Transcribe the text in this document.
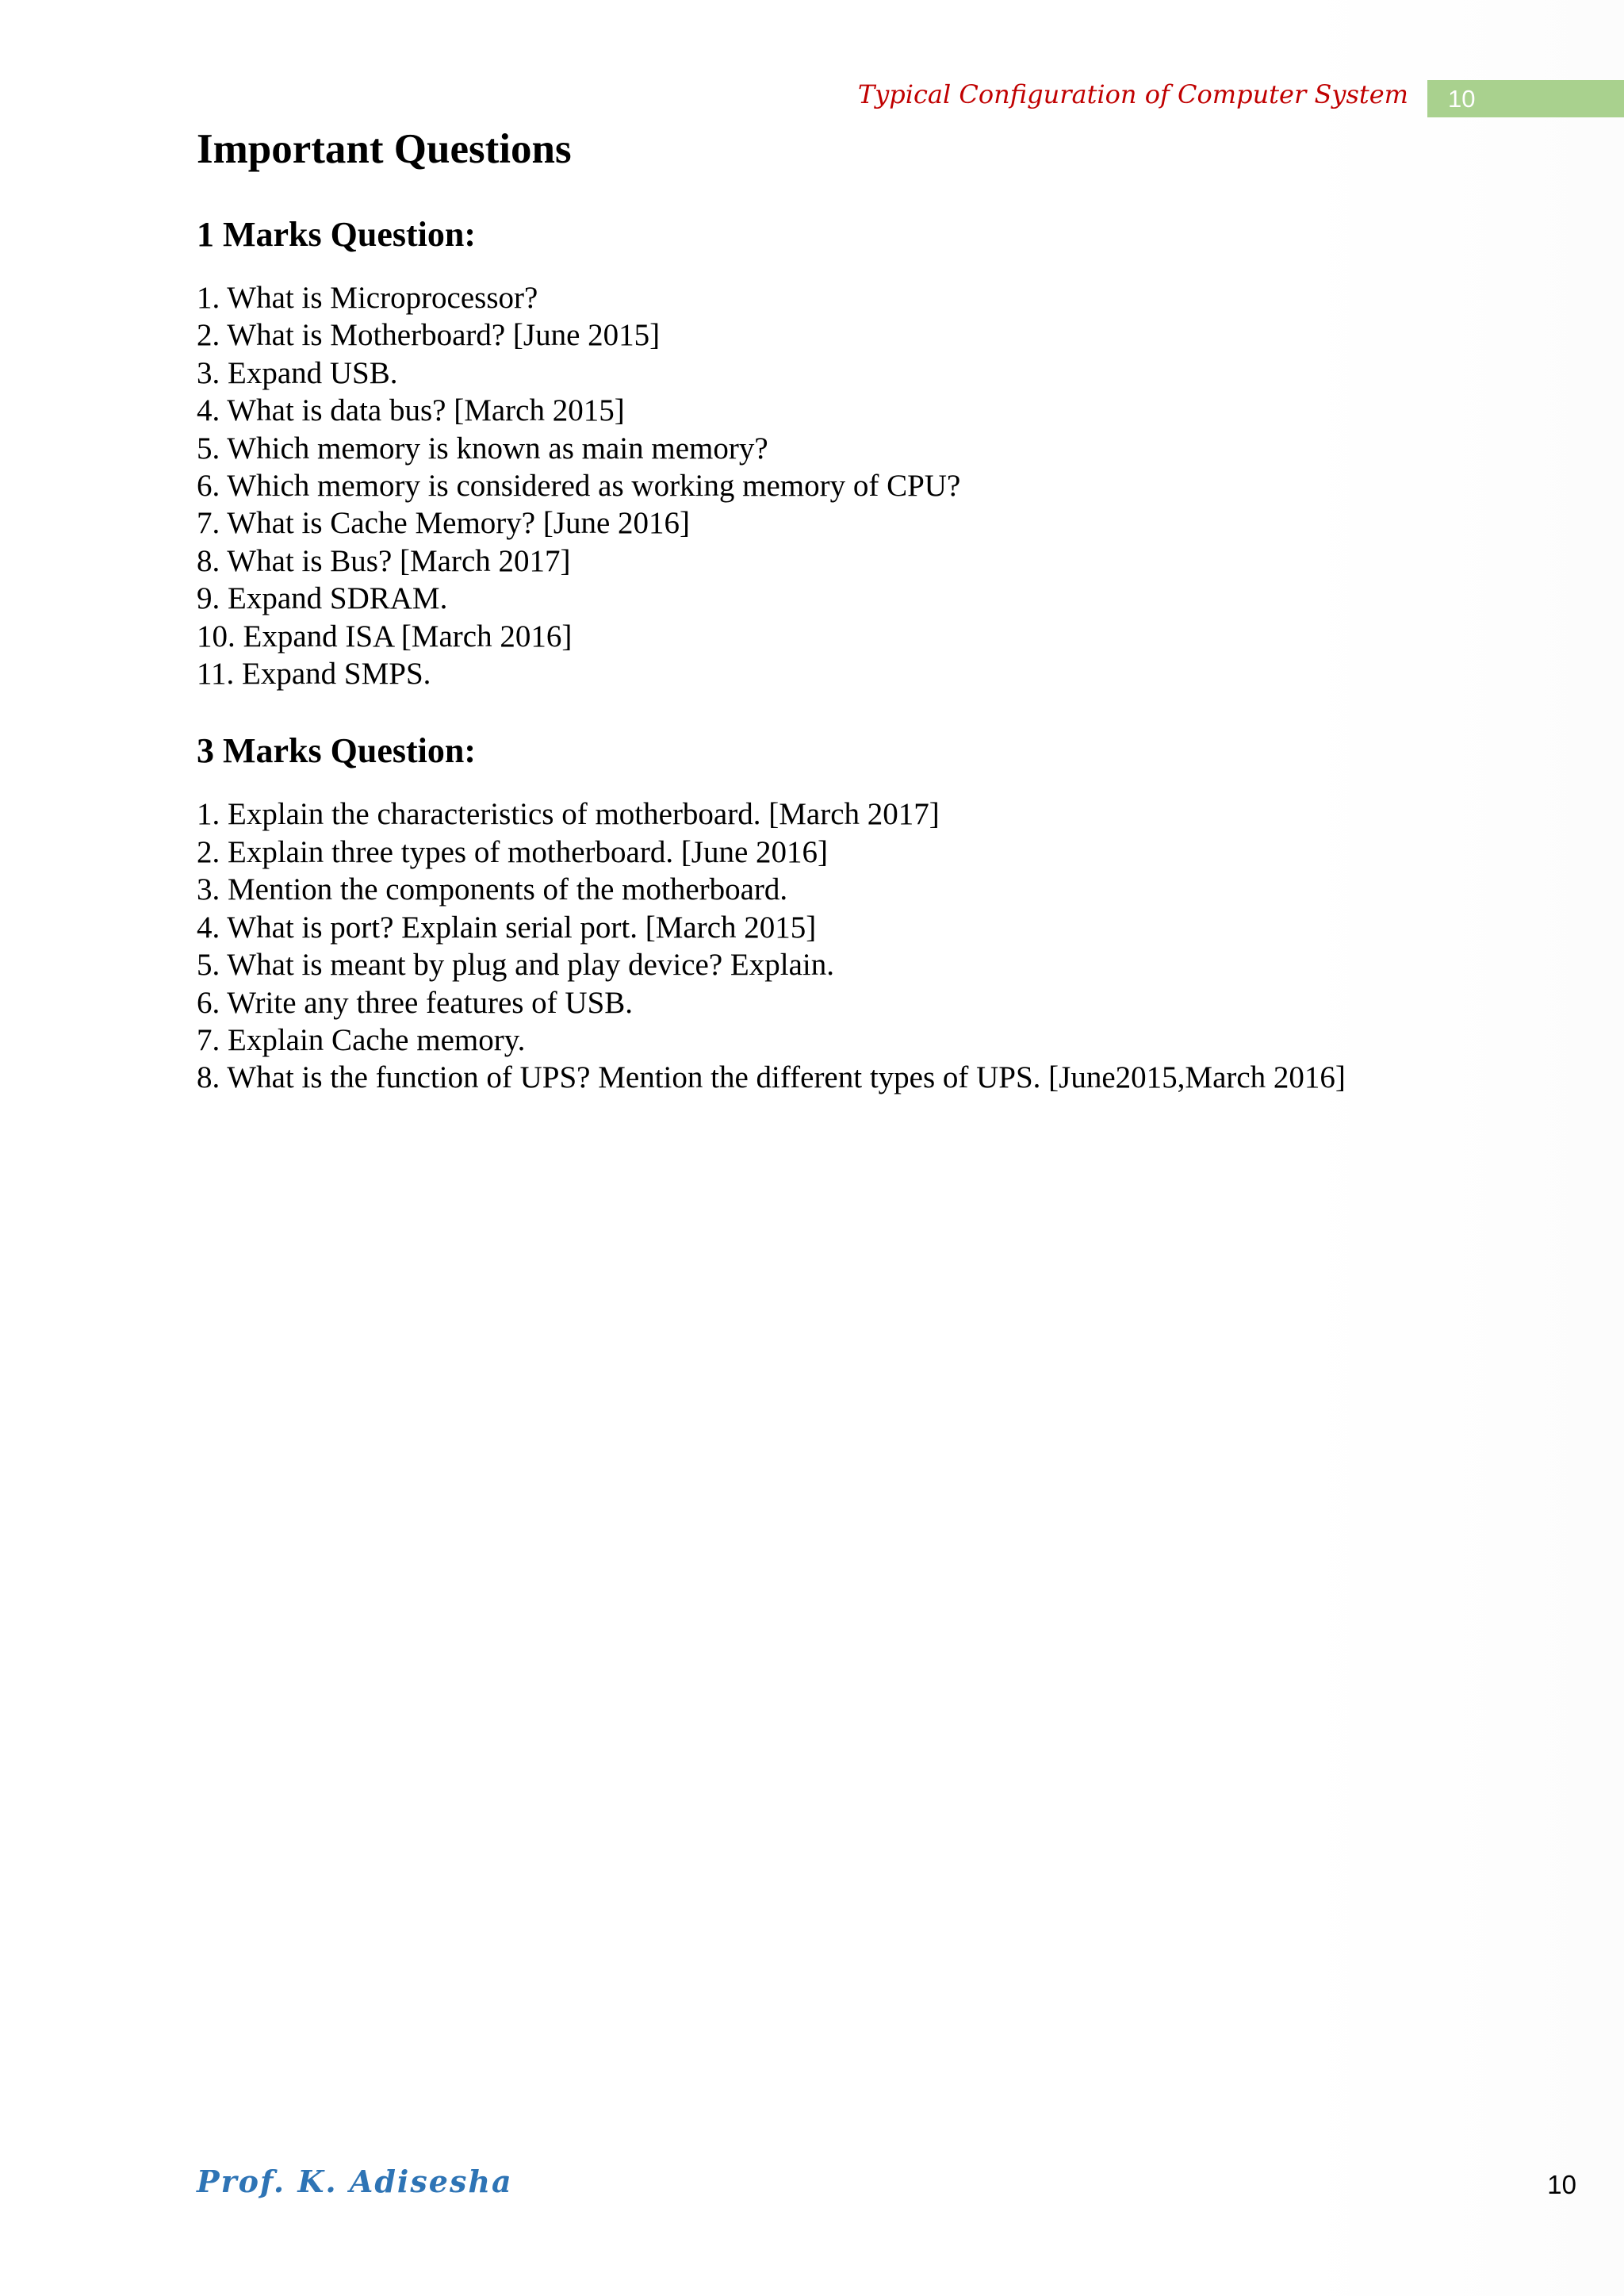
Typical Configuration of Computer System 10
Important Questions
1 Marks Question:
1. What is Microprocessor?
2. What is Motherboard? [June 2015]
3. Expand USB.
4. What is data bus? [March 2015]
5. Which memory is known as main memory?
6. Which memory is considered as working memory of CPU?
7. What is Cache Memory? [June 2016]
8. What is Bus? [March 2017]
9. Expand SDRAM.
10. Expand ISA [March 2016]
11. Expand SMPS.
3 Marks Question:
1. Explain the characteristics of motherboard. [March 2017]
2. Explain three types of motherboard. [June 2016]
3. Mention the components of the motherboard.
4. What is port? Explain serial port. [March 2015]
5. What is meant by plug and play device? Explain.
6. Write any three features of USB.
7. Explain Cache memory.
8. What is the function of UPS? Mention the different types of UPS. [June2015,March 2016]
Prof. K. Adisesha	10
